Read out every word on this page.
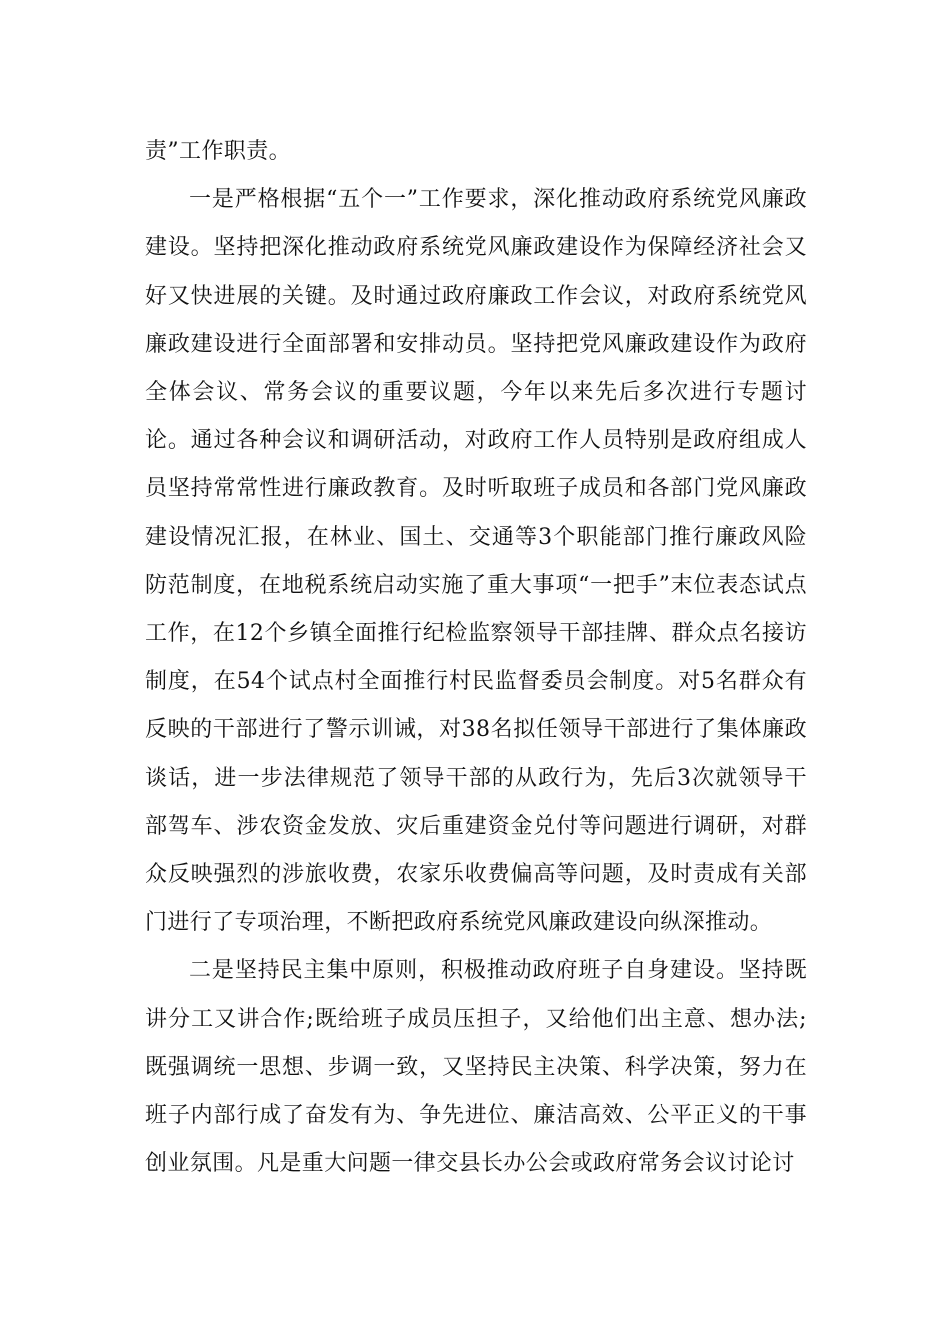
责”工作职责。

一是严格根据“五个一”工作要求，深化推动政府系统党风廉政建设。坚持把深化推动政府系统党风廉政建设作为保障经济社会又好又快进展的关键。及时通过政府廉政工作会议，对政府系统党风廉政建设进行全面部署和安排动员。坚持把党风廉政建设作为政府全体会议、常务会议的重要议题，今年以来先后多次进行专题讨论。通过各种会议和调研活动，对政府工作人员特别是政府组成人员坚持常常性进行廉政教育。及时听取班子成员和各部门党风廉政建设情况汇报，在林业、国土、交通等3个职能部门推行廉政风险防范制度，在地税系统启动实施了重大事项“一把手”末位表态试点工作，在12个乡镇全面推行纪检监察领导干部挂牌、群众点名接访制度，在54个试点村全面推行村民监督委员会制度。对5名群众有反映的干部进行了警示训诫，对38名拟任领导干部进行了集体廉政谈话，进一步法律规范了领导干部的从政行为，先后3次就领导干部驾车、涉农资金发放、灾后重建资金兑付等问题进行调研，对群众反映强烈的涉旅收费，农家乐收费偏高等问题，及时责成有关部门进行了专项治理，不断把政府系统党风廉政建设向纵深推动。

二是坚持民主集中原则，积极推动政府班子自身建设。坚持既讲分工又讲合作;既给班子成员压担子，又给他们出主意、想办法;既强调统一思想、步调一致，又坚持民主决策、科学决策，努力在班子内部行成了奋发有为、争先进位、廉洁高效、公平正义的干事创业氛围。凡是重大问题一律交县长办公会或政府常务会议讨论讨
